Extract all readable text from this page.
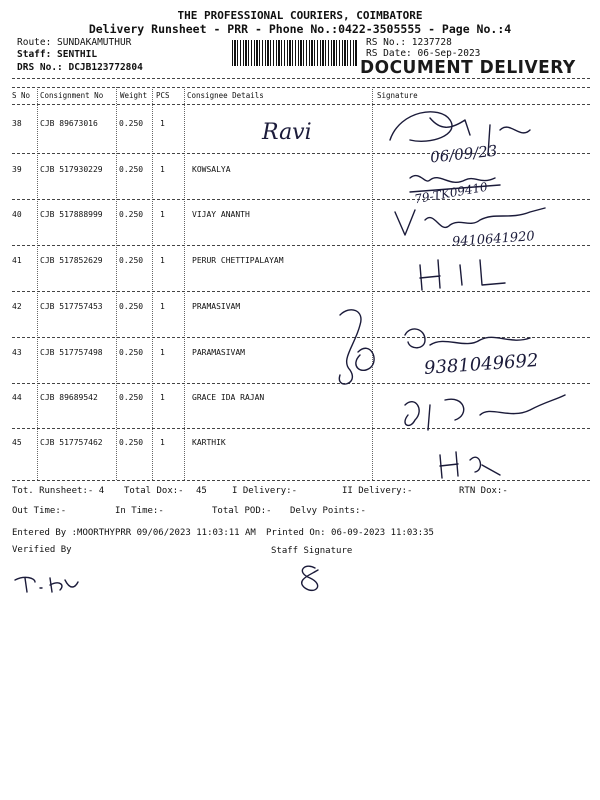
THE PROFESSIONAL COURIERS, COIMBATORE
Delivery Runsheet - PRR - Phone No.:0422-3505555 - Page No.:4
Route: SUNDAKAMUTHUR
Staff: SENTHIL
DRS No.: DCJB123772804
RS No.: 1237728
RS Date: 06-Sep-2023
DOCUMENT DELIVERY
S No Consignment No Weight PCS Consignee Details	Signature
38 CJB 89673016	0.250 1
39 CJB 517930229 0.250 1	KOWSALYA
40 CJB 517888999 0.250 1	VIJAY ANANTH
41 CJB 517852629 0.250 1	PERUR CHETTIPALAYAM
42 CJB 517757453 0.250 1	PRAMASIVAM
43 CJB 517757498 0.250 1	PARAMASIVAM
44 CJB 89689542	0.250 1	GRACE IDA RAJAN
45 CJB 517757462 0.250 1	KARTHIK
Ravi
06/09/23
79-TK09410
9410641920
9381049692
Tot. Runsheet:- 4 Total Dox:- 45	I Delivery:-	II Delivery:-	RTN Dox:-
Out Time:-	In Time:-	Total POD:- Delvy Points:-
Entered By :MOORTHYPRR 09/06/2023 11:03:11 AM Printed On: 06-09-2023 11:03:35
Verified By	Staff Signature
